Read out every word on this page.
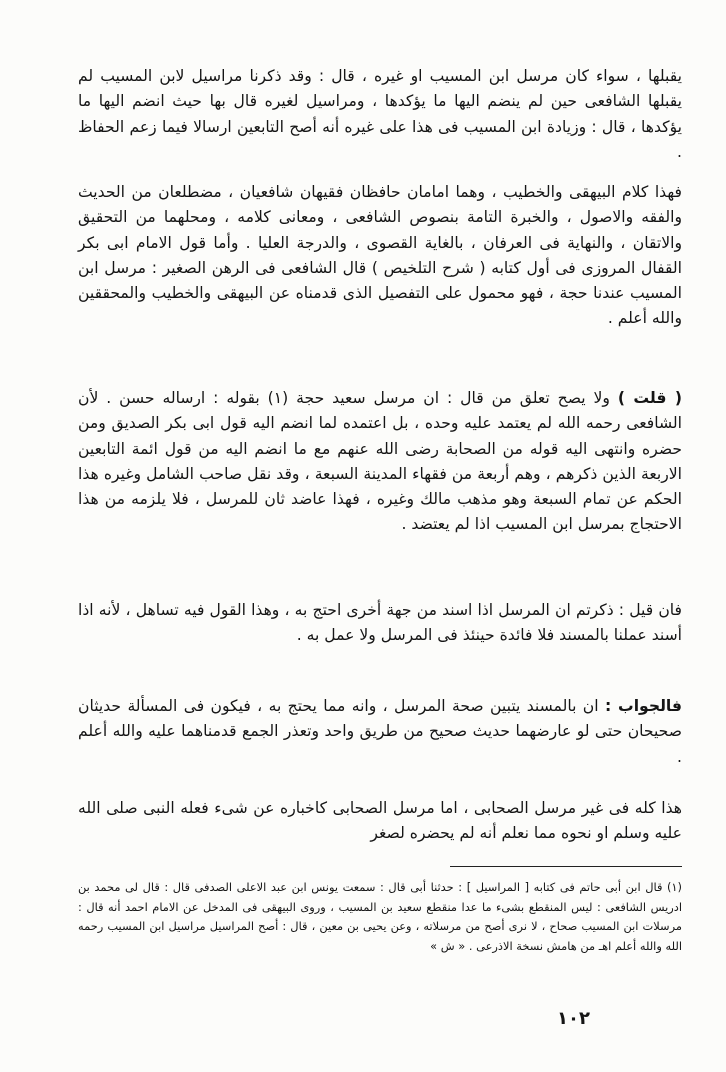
يقبلها ، سواء كان مرسل ابن المسيب او غيره ، قال : وقد ذكرنا مراسيل لابن المسيب لم يقبلها الشافعى حين لم ينضم اليها ما يؤكدها ، ومراسيل لغيره قال بها حيث انضم اليها ما يؤكدها ، قال : وزيادة ابن المسيب فى هذا على غيره أنه أصح التابعين ارسالا فيما زعم الحفاظ .

فهذا كلام البيهقى والخطيب ، وهما امامان حافظان فقيهان شافعيان ، مضطلعان من الحديث والفقه والاصول ، والخبرة التامة بنصوص الشافعى ، ومعانى كلامه ، ومحلهما من التحقيق والاتقان ، والنهاية فى العرفان ، بالغاية القصوى ، والدرجة العليا . وأما قول الامام ابى بكر القفال المروزى فى أول كتابه ( شرح التلخيص ) قال الشافعى فى الرهن الصغير : مرسل ابن المسيب عندنا حجة ، فهو محمول على التفصيل الذى قدمناه عن البيهقى والخطيب والمحققين والله أعلم .

( قلت ) ولا يصح تعلق من قال : ان مرسل سعيد حجة (١) بقوله : ارساله حسن . لأن الشافعى رحمه الله لم يعتمد عليه وحده ، بل اعتمده لما انضم اليه قول ابى بكر الصديق ومن حضره وانتهى اليه قوله من الصحابة رضى الله عنهم مع ما انضم اليه من قول ائمة التابعين الاربعة الذين ذكرهم ، وهم أربعة من فقهاء المدينة السبعة ، وقد نقل صاحب الشامل وغيره هذا الحكم عن تمام السبعة وهو مذهب مالك وغيره ، فهذا عاضد ثان للمرسل ، فلا يلزمه من هذا الاحتجاج بمرسل ابن المسيب اذا لم يعتضد .

فان قيل : ذكرتم ان المرسل اذا اسند من جهة أخرى احتج به ، وهذا القول فيه تساهل ، لأنه اذا أسند عملنا بالمسند فلا فائدة حينئذ فى المرسل ولا عمل به .

فالجواب : ان بالمسند يتبين صحة المرسل ، وانه مما يحتج به ، فيكون فى المسألة حديثان صحيحان حتى لو عارضهما حديث صحيح من طريق واحد وتعذر الجمع قدمناهما عليه والله أعلم .

هذا كله فى غير مرسل الصحابى ، اما مرسل الصحابى كاخباره عن شىء فعله النبى صلى الله عليه وسلم او نحوه مما نعلم أنه لم يحضره لصغر

(١) قال ابن أبى حاتم فى كتابه [ المراسيل ] : حدثنا أبى قال : سمعت يونس ابن عبد الاعلى الصدفى قال : قال لى محمد بن ادريس الشافعى : ليس المنقطع بشىء ما عدا منقطع سعيد بن المسيب ، وروى البيهقى فى المدخل عن الامام احمد أنه قال : مرسلات ابن المسيب صحاح ، لا نرى أصح من مرسلاته ، وعن يحيى بن معين ، قال : أصح المراسيل مراسيل ابن المسيب رحمه الله والله أعلم اهـ من هامش نسخة الاذرعى . « ش »

١٠٢
